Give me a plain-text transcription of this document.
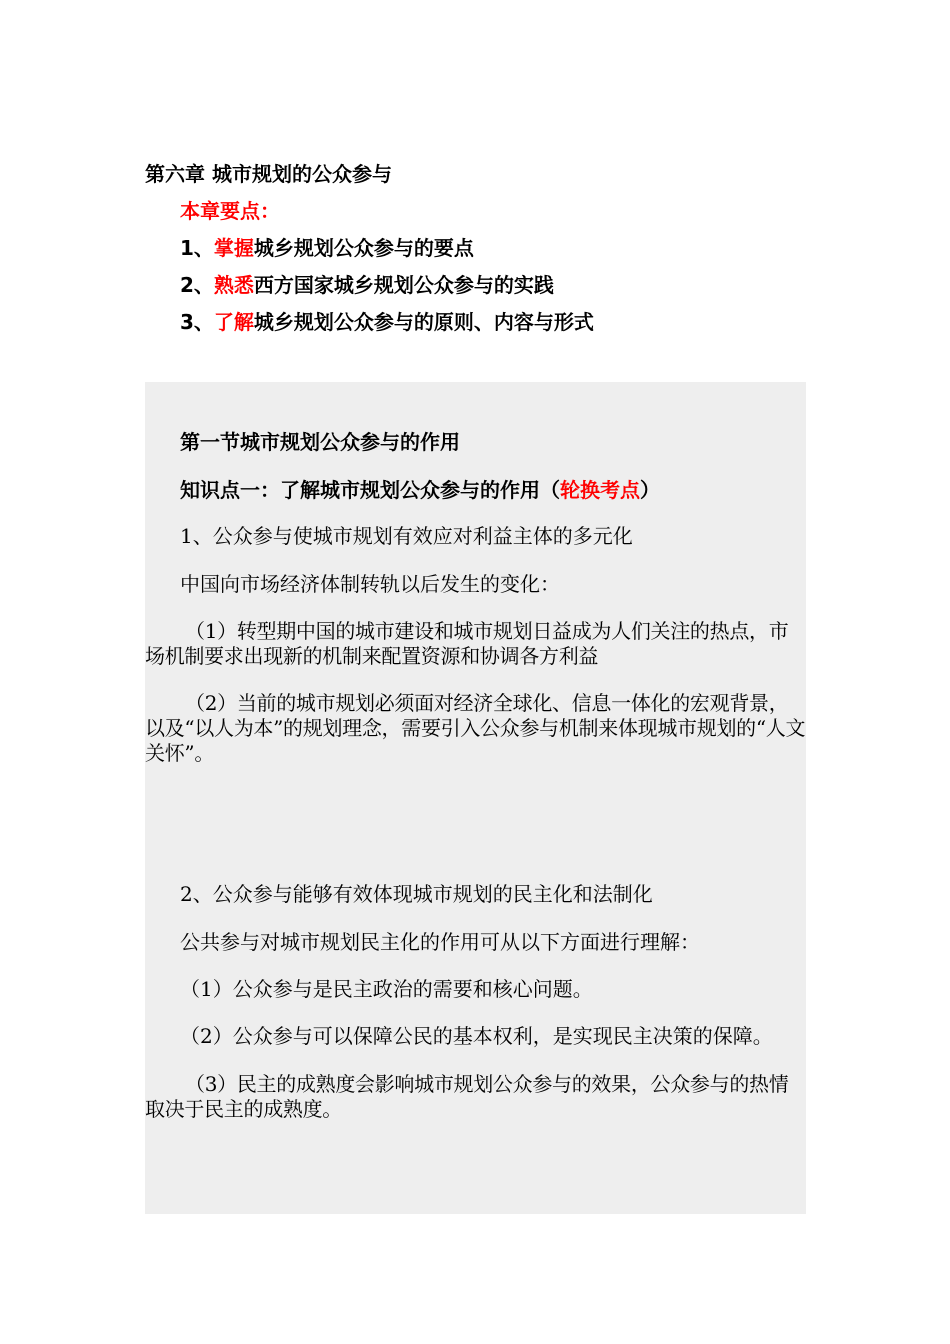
第六章 城市规划的公众参与
本章要点：
1、掌握城乡规划公众参与的要点
2、熟悉西方国家城乡规划公众参与的实践
3、了解城乡规划公众参与的原则、内容与形式
第一节城市规划公众参与的作用
知识点一：了解城市规划公众参与的作用（轮换考点）
1、公众参与使城市规划有效应对利益主体的多元化
中国向市场经济体制转轨以后发生的变化：
（1）转型期中国的城市建设和城市规划日益成为人们关注的热点，市场机制要求出现新的机制来配置资源和协调各方利益
（2）当前的城市规划必须面对经济全球化、信息一体化的宏观背景，以及“以人为本”的规划理念，需要引入公众参与机制来体现城市规划的“人文关怀”。
2、公众参与能够有效体现城市规划的民主化和法制化
公共参与对城市规划民主化的作用可从以下方面进行理解：
（1）公众参与是民主政治的需要和核心问题。
（2）公众参与可以保障公民的基本权利，是实现民主决策的保障。
（3）民主的成熟度会影响城市规划公众参与的效果，公众参与的热情取决于民主的成熟度。
